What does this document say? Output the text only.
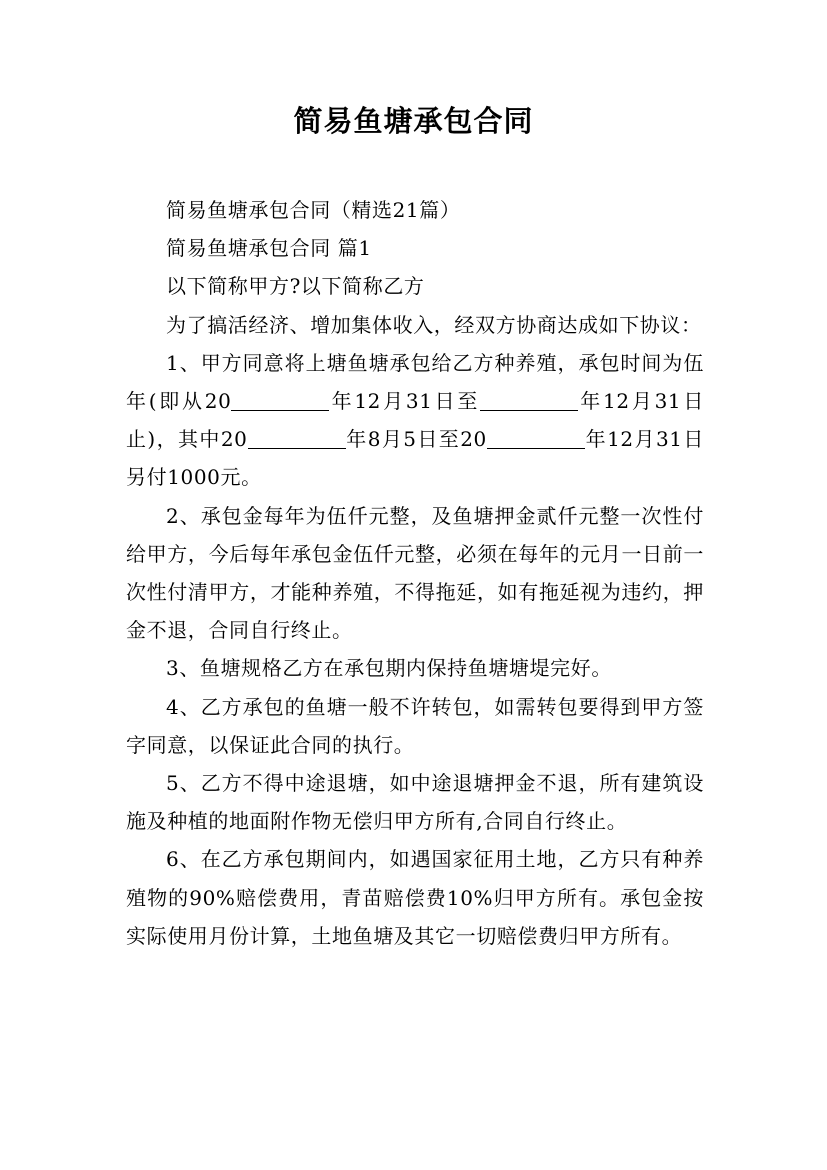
简易鱼塘承包合同

简易鱼塘承包合同（精选21篇）

简易鱼塘承包合同 篇1

以下简称甲方?以下简称乙方

为了搞活经济、增加集体收入，经双方协商达成如下协议：

1、甲方同意将上塘鱼塘承包给乙方种养殖，承包时间为伍年(即从20	年12月31日至	年12月31日止)，其中20	年8月5日至20	年12月31日另付1000元。

2、承包金每年为伍仟元整，及鱼塘押金贰仟元整一次性付给甲方，今后每年承包金伍仟元整，必须在每年的元月一日前一次性付清甲方，才能种养殖，不得拖延，如有拖延视为违约，押金不退，合同自行终止。

3、鱼塘规格乙方在承包期内保持鱼塘塘堤完好。

4、乙方承包的鱼塘一般不许转包，如需转包要得到甲方签字同意，以保证此合同的执行。

5、乙方不得中途退塘，如中途退塘押金不退，所有建筑设施及种植的地面附作物无偿归甲方所有,合同自行终止。

6、在乙方承包期间内，如遇国家征用土地，乙方只有种养殖物的90%赔偿费用，青苗赔偿费10%归甲方所有。承包金按实际使用月份计算，土地鱼塘及其它一切赔偿费归甲方所有。
